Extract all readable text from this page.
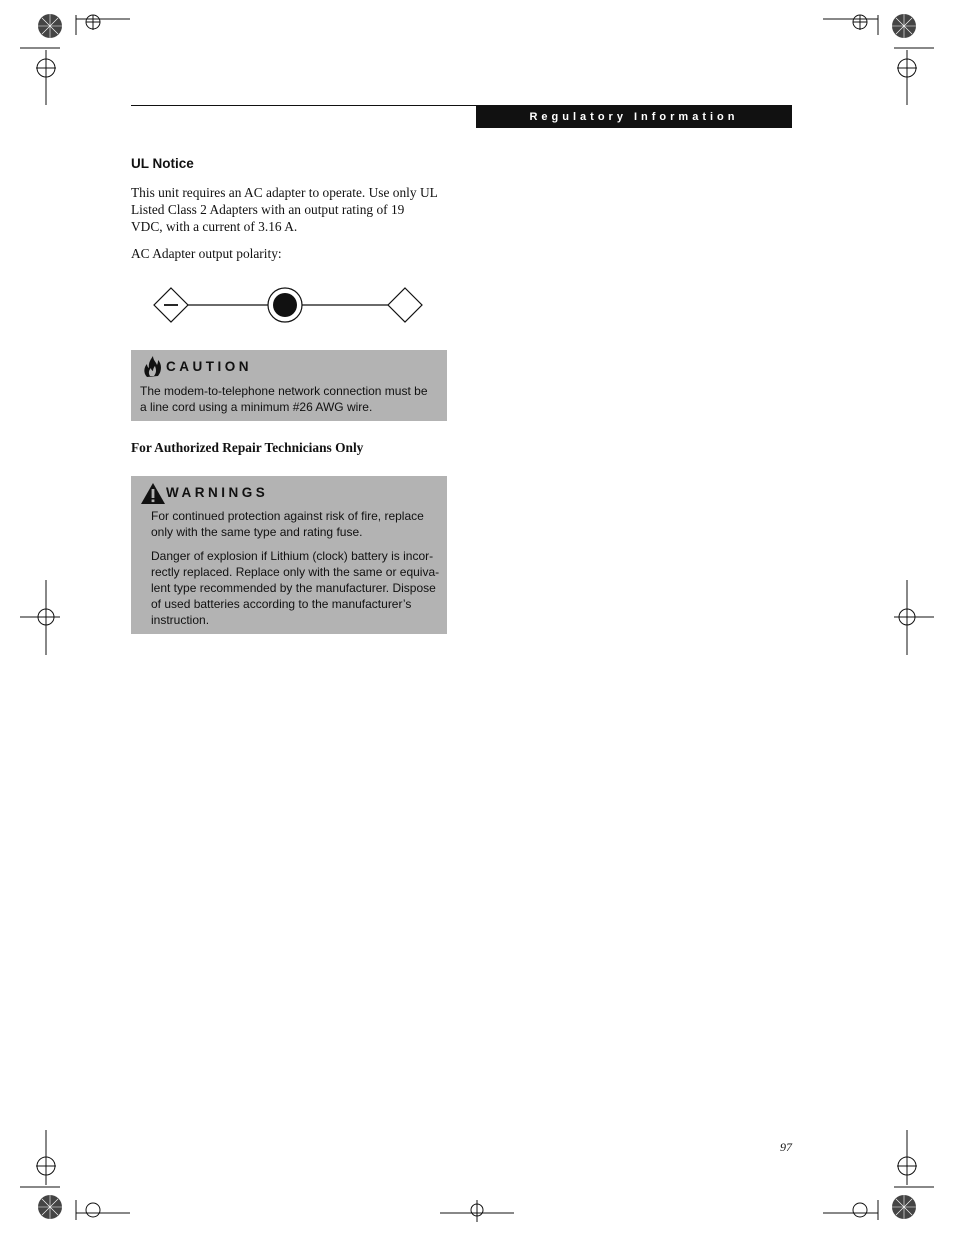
Regulatory Information
UL Notice
This unit requires an AC adapter to operate. Use only UL
Listed Class 2 Adapters with an output rating of 19
VDC, with a current of 3.16 A.
AC Adapter output polarity:
CAUTION
The modem-to-telephone network connection must be
a line cord using a minimum #26 AWG wire.
For Authorized Repair Technicians Only
WARNINGS
For continued protection against risk of fire, replace
only with the same type and rating fuse.
Danger of explosion if Lithium (clock) battery is incor-
rectly replaced. Replace only with the same or equiva-
lent type recommended by the manufacturer. Dispose
of used batteries according to the manufacturer’s
instruction.
97
